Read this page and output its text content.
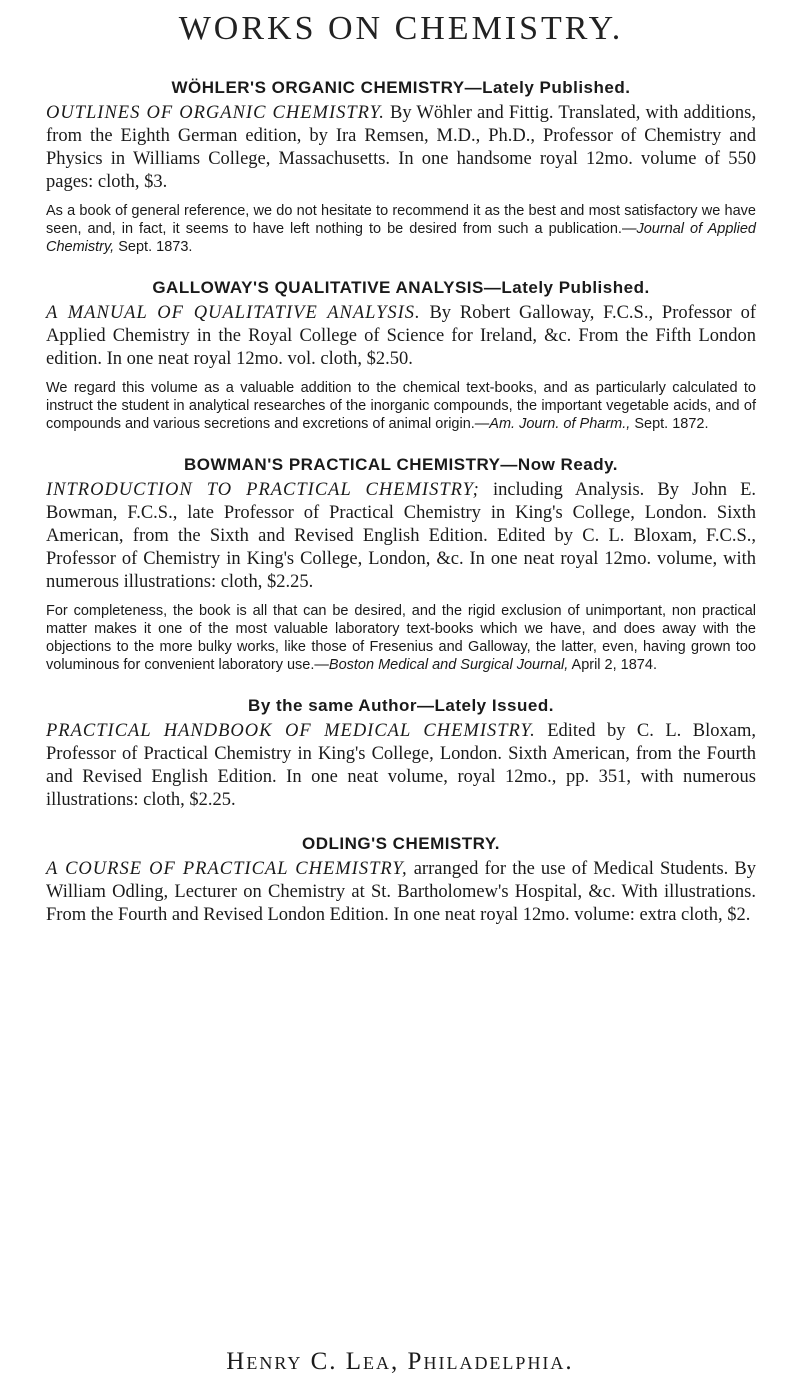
WORKS ON CHEMISTRY.
WÖHLER'S ORGANIC CHEMISTRY—Lately Published.

OUTLINES OF ORGANIC CHEMISTRY. By Wöhler and Fittig. Translated, with additions, from the Eighth German edition, by Ira Remsen, M.D., Ph.D., Professor of Chemistry and Physics in Williams College, Massachusetts. In one handsome royal 12mo. volume of 550 pages: cloth, $3.

As a book of general reference, we do not hesitate to recommend it as the best and most satisfactory we have seen, and, in fact, it seems to have left nothing to be desired from such a publication.—Journal of Applied Chemistry, Sept. 1873.

GALLOWAY'S QUALITATIVE ANALYSIS—Lately Published.

A MANUAL OF QUALITATIVE ANALYSIS. By Robert Galloway, F.C.S., Professor of Applied Chemistry in the Royal College of Science for Ireland, &c. From the Fifth London edition. In one neat royal 12mo. vol. cloth, $2.50.

We regard this volume as a valuable addition to the chemical text-books, and as particularly calculated to instruct the student in analytical researches of the inorganic compounds, the important vegetable acids, and of compounds and various secretions and excretions of animal origin.—Am. Journ. of Pharm., Sept. 1872.

BOWMAN'S PRACTICAL CHEMISTRY—Now Ready.

INTRODUCTION TO PRACTICAL CHEMISTRY; including Analysis. By John E. Bowman, F.C.S., late Professor of Practical Chemistry in King's College, London. Sixth American, from the Sixth and Revised English Edition. Edited by C. L. Bloxam, F.C.S., Professor of Chemistry in King's College, London, &c. In one neat royal 12mo. volume, with numerous illustrations: cloth, $2.25.

For completeness, the book is all that can be desired, and the rigid exclusion of unimportant, non practical matter makes it one of the most valuable laboratory text-books which we have, and does away with the objections to the more bulky works, like those of Fresenius and Galloway, the latter, even, having grown too voluminous for convenient laboratory use.—Boston Medical and Surgical Journal, April 2, 1874.

By the same Author—Lately Issued.

PRACTICAL HANDBOOK OF MEDICAL CHEMISTRY. Edited by C. L. Bloxam, Professor of Practical Chemistry in King's College, London. Sixth American, from the Fourth and Revised English Edition. In one neat volume, royal 12mo., pp. 351, with numerous illustrations: cloth, $2.25.

ODLING'S CHEMISTRY.

A COURSE OF PRACTICAL CHEMISTRY, arranged for the use of Medical Students. By William Odling, Lecturer on Chemistry at St. Bartholomew's Hospital, &c. With illustrations. From the Fourth and Revised London Edition. In one neat royal 12mo. volume: extra cloth, $2.

Henry C. Lea, Philadelphia.
